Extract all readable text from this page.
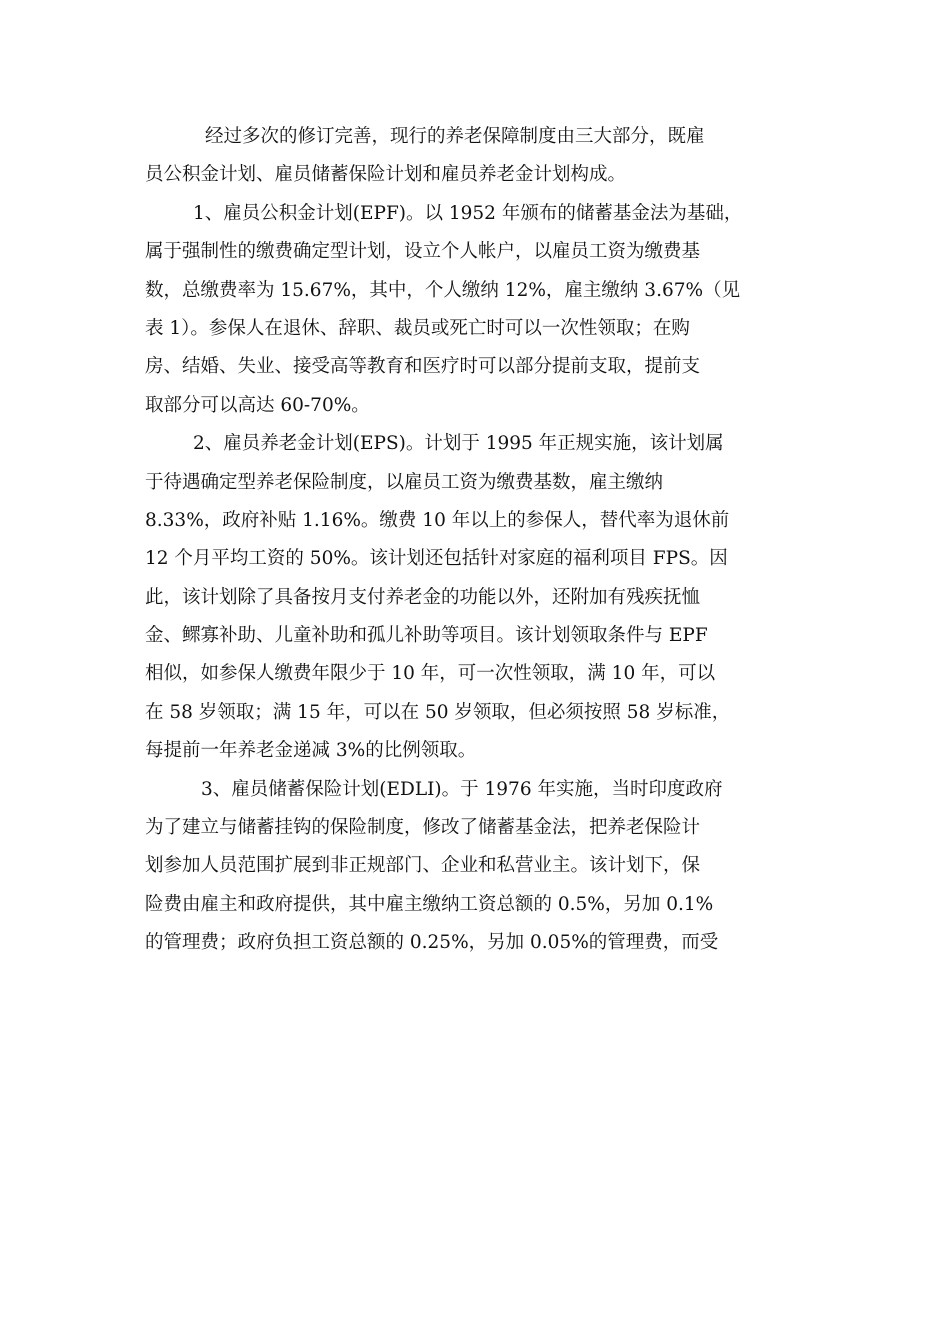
经过多次的修订完善，现行的养老保障制度由三大部分，既雇
员公积金计划、雇员储蓄保险计划和雇员养老金计划构成。

1、雇员公积金计划(EPF)。以 1952 年颁布的储蓄基金法为基础，
属于强制性的缴费确定型计划，设立个人帐户，以雇员工资为缴费基
数，总缴费率为 15.67%，其中，个人缴纳 12%，雇主缴纳 3.67%（见
表 1）。参保人在退休、辞职、裁员或死亡时可以一次性领取；在购
房、结婚、失业、接受高等教育和医疗时可以部分提前支取，提前支
取部分可以高达 60-70%。

2、雇员养老金计划(EPS)。计划于 1995 年正规实施，该计划属
于待遇确定型养老保险制度，以雇员工资为缴费基数，雇主缴纳
8.33%，政府补贴 1.16%。缴费 10 年以上的参保人，替代率为退休前
12 个月平均工资的 50%。该计划还包括针对家庭的福利项目 FPS。因
此，该计划除了具备按月支付养老金的功能以外，还附加有残疾抚恤
金、鳏寡补助、儿童补助和孤儿补助等项目。该计划领取条件与 EPF
相似，如参保人缴费年限少于 10 年，可一次性领取，满 10 年，可以
在 58 岁领取；满 15 年，可以在 50 岁领取，但必须按照 58 岁标准，
每提前一年养老金递减 3%的比例领取。

3、雇员储蓄保险计划(EDLI)。于 1976 年实施，当时印度政府
为了建立与储蓄挂钩的保险制度，修改了储蓄基金法，把养老保险计
划参加人员范围扩展到非正规部门、企业和私营业主。该计划下，保
险费由雇主和政府提供，其中雇主缴纳工资总额的 0.5%，另加 0.1%
的管理费；政府负担工资总额的 0.25%，另加 0.05%的管理费，而受
